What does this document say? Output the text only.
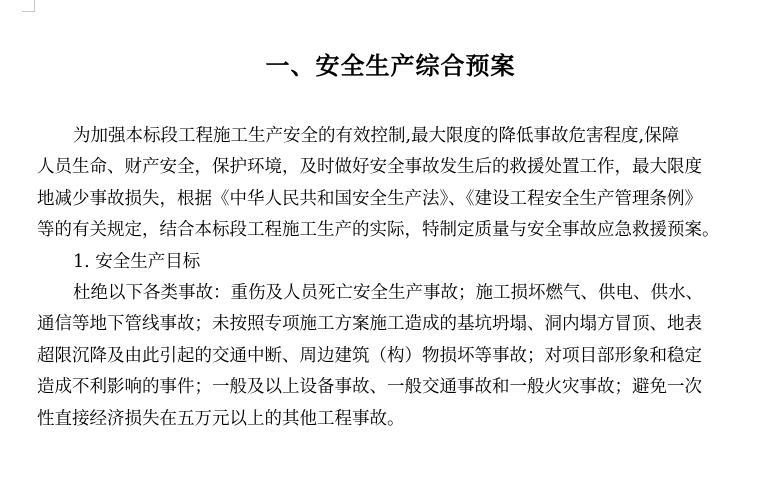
一、安全生产综合预案
为加强本标段工程施工生产安全的有效控制,最大限度的降低事故危害程度,保障
人员生命、财产安全，保护环境，及时做好安全事故发生后的救援处置工作，最大限度
地减少事故损失，根据《中华人民共和国安全生产法》、《建设工程安全生产管理条例》
等的有关规定，结合本标段工程施工生产的实际，特制定质量与安全事故应急救援预案。
1. 安全生产目标
杜绝以下各类事故：重伤及人员死亡安全生产事故；施工损坏燃气、供电、供水、
通信等地下管线事故；未按照专项施工方案施工造成的基坑坍塌、洞内塌方冒顶、地表
超限沉降及由此引起的交通中断、周边建筑（构）物损坏等事故；对项目部形象和稳定
造成不利影响的事件；一般及以上设备事故、一般交通事故和一般火灾事故；避免一次
性直接经济损失在五万元以上的其他工程事故。
